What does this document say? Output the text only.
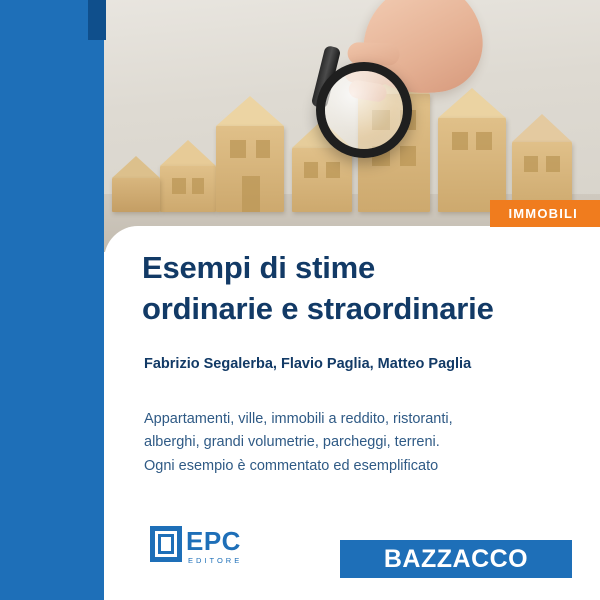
IMMOBILI
Esempi di stime
ordinarie e straordinarie
Fabrizio Segalerba, Flavio Paglia, Matteo Paglia
Appartamenti, ville, immobili a reddito, ristoranti,
alberghi, grandi volumetrie, parcheggi, terreni.
Ogni esempio è commentato ed esemplificato
EPC
EDITORE	BAZZACCO
